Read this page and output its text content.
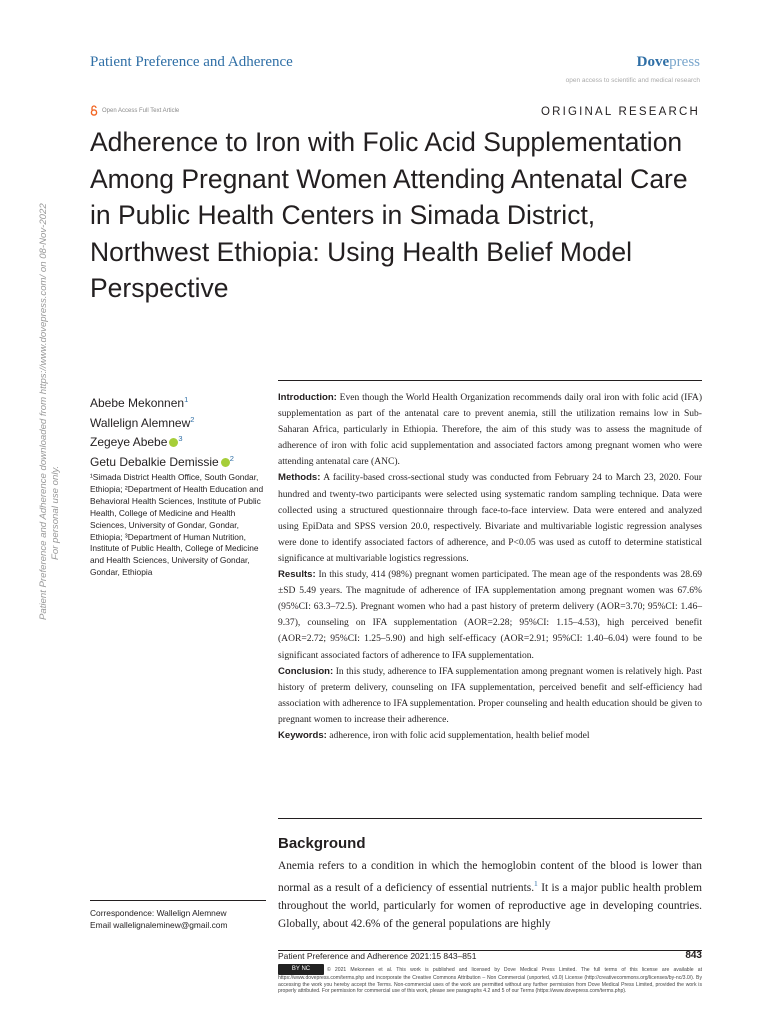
Patient Preference and Adherence	Dovepress
open access to scientific and medical research
Open Access Full Text Article	ORIGINAL RESEARCH
Adherence to Iron with Folic Acid Supplementation Among Pregnant Women Attending Antenatal Care in Public Health Centers in Simada District, Northwest Ethiopia: Using Health Belief Model Perspective
Patient Preference and Adherence downloaded from https://www.dovepress.com/ on 08-Nov-2022 For personal use only.
Abebe Mekonnen$^1$
Wallelign Alemnew$^2$
Zegeye Abebe $^3$
Getu Debalkie Demissie $^2$
¹Simada District Health Office, South Gondar, Ethiopia; ²Department of Health Education and Behavioral Health Sciences, Institute of Public Health, College of Medicine and Health Sciences, University of Gondar, Gondar, Ethiopia; ³Department of Human Nutrition, Institute of Public Health, College of Medicine and Health Sciences, University of Gondar, Gondar, Ethiopia

Introduction: Even though the World Health Organization recommends daily oral iron with folic acid (IFA) supplementation as part of the antenatal care to prevent anemia, still the utilization remains low in Sub-Saharan Africa, particularly in Ethiopia. Therefore, the aim of this study was to assess the magnitude of adherence of iron with folic acid supplementation and associated factors among pregnant women who were attending antenatal care (ANC).

Methods: A facility-based cross-sectional study was conducted from February 24 to March 23, 2020. Four hundred and twenty-two participants were selected using systematic random sampling technique. Data were collected using a structured questionnaire through face-to-face interview. Data were entered and analyzed using EpiData and SPSS version 20.0, respectively. Bivariate and multivariable logistic regression analyses were done to identify associated factors of adherence, and P<0.05 was used as cutoff to determine statistical significance at multivariable logistics regressions.

Results: In this study, 414 (98%) pregnant women participated. The mean age of the respondents was 28.69 ±SD 5.49 years. The magnitude of adherence of IFA supplementation among pregnant women was 67.6% (95%CI: 63.3–72.5). Pregnant women who had a past history of preterm delivery (AOR=3.70; 95%CI: 1.46–9.37), counseling on IFA supplementation (AOR=2.28; 95%CI: 1.15–4.53), high perceived benefit (AOR=2.72; 95%CI: 1.25–5.90) and high self-efficacy (AOR=2.91; 95%CI: 1.40–6.04) were found to be significant associated factors of adherence to IFA supplementation.

Conclusion: In this study, adherence to IFA supplementation among pregnant women is relatively high. Past history of preterm delivery, counseling on IFA supplementation, perceived benefit and self-efficiency had association with adherence to IFA supplementation. Proper counseling and health education should be given to pregnant women to increase their adherence.

Keywords: adherence, iron with folic acid supplementation, health belief model

Background

Anemia refers to a condition in which the hemoglobin content of the blood is lower than normal as a result of a deficiency of essential nutrients.$^1$ It is a major public health problem throughout the world, particularly for women of reproductive age in developing countries. Globally, about 42.6% of the general populations are highly

Correspondence: Wallelign Alemnew
Email wallelignaleminew@gmail.com
Patient Preference and Adherence 2021:15 843–851	843
BY NC	© 2021 Mekonnen et al. This work is published and licensed by Dove Medical Press Limited. The full terms of this license are available at https://www.dovepress.com/terms.php and incorporate the Creative Commons Attribution – Non Commercial (unported, v3.0) License (http://creativecommons.org/licenses/by-nc/3.0/). By accessing the work you hereby accept the Terms. Non-commercial uses of the work are permitted without any further permission from Dove Medical Press Limited, provided the work is properly attributed. For permission for commercial use of this work, please see paragraphs 4.2 and 5 of our Terms (https://www.dovepress.com/terms.php).
